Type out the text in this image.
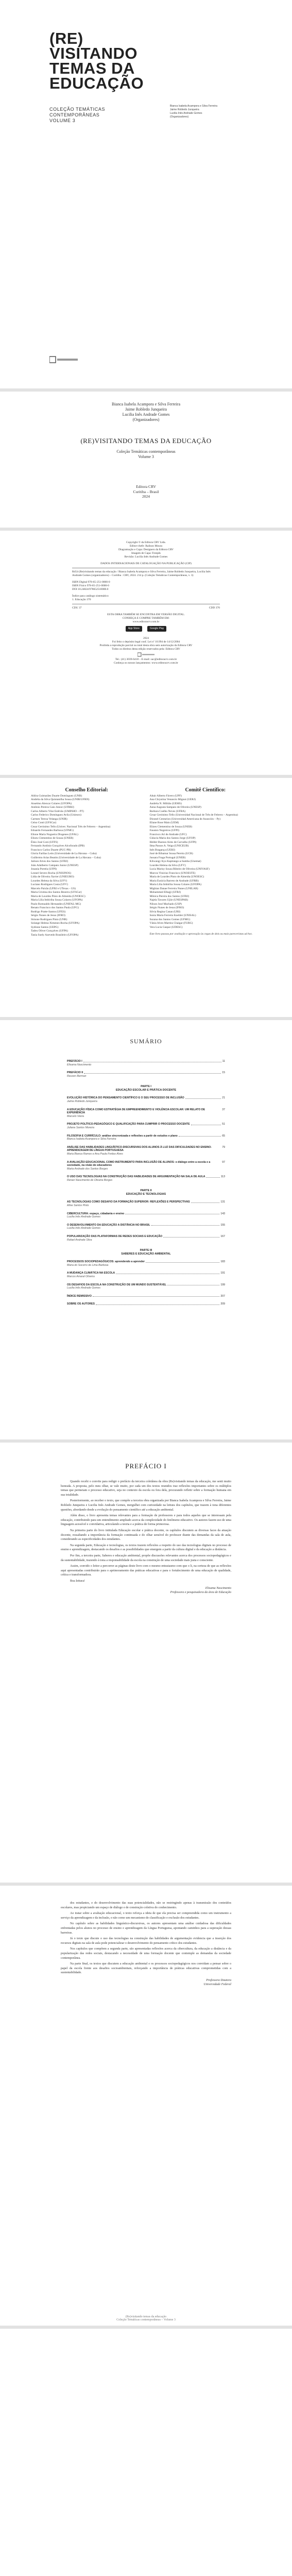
(RE)
VISITANDO
TEMAS DA
EDUCAÇÃO
COLEÇÃO TEMÁTICAS
CONTEMPORÂNEAS
VOLUME 3
Bianca Isabela Acampora e Silva Ferreira
Jaime Robledo Junqueira
Lucilia Inês Andrade Gomes
(Organizadores)
Bianca Isabela Acampora e Silva Ferreira
Jaime Robledo Junqueira
Lucilia Inês Andrade Gomes
(Organizadores)
(RE)VISITANDO TEMAS DA EDUCAÇÃO
Coleção Temáticas contemporâneas
Volume 3
Editora CRV
Curitiba – Brasil
2024
Copyright © da Editora CRV Ltda.
Editor-chefe: Railson Moura
Diagramação e Capa: Designers da Editora CRV
Imagem de Capa: Freepik
Revisão: Lucilia Inês Andrade Gomes
DADOS INTERNACIONAIS DE CATALOGAÇÃO NA PUBLICAÇÃO (CIP)
R454 (Re)visitando temas da educação / Bianca Isabela Acampora e Silva Ferreira, Jaime Robledo Junqueira, Lucilia Inês Andrade Gomes (organizadores) – Curitiba : CRV, 2024. 214 p. (Coleção Temáticas Contemporâneas, v. 3)
ISBN Digital 978-65-251-0000-0
ISBN Físico 978-65-251-0000-0
DOI 10.24824/978652510000.0
Índice para catálogo sistemático
1. Educação 370
CDU 37	CDD 370
ESTA OBRA TAMBÉM SE ENCONTRA EM VERSÃO DIGITAL.
CONHEÇA E COMPRE TAMBÉM EM:
www.editoracrv.com.br
App Store	Google Play
2024
Foi feito o depósito legal conf. Lei nº 10.994 de 14/12/2004
Proibida a reprodução parcial ou total desta obra sem autorização da Editora CRV
Todos os direitos desta edição reservados pela: Editora CRV
Tel.: (41) 3039-6418 – E-mail: sac@editoracrv.com.br
Conheça os nossos lançamentos: www.editoracrv.com.br
Conselho Editorial:
Aldira Guimarães Duarte Domínguez (UNB)
Andréia da Silva Quintanilha Sousa (UNIR/UFRN)
Anselmo Alencar Colares (UFOPA)
Antônio Pereira Gaio Júnior (UFRRJ)
Carlos Alberto Vilar Estêvão (UMINHO – PT)
Carlos Federico Dominguez Avila (Unieuro)
Carmen Tereza Velanga (UNIR)
Celso Conti (UFSCar)
Cesar Gerónimo Tello (Univer. Nacional Três de Febrero – Argentina)
Eduardo Fernandes Barbosa (UFMG)
Elione Maria Nogueira Diogenes (UFAL)
Elizeu Clementino de Souza (UNEB)
Élsio José Corá (UFFS)
Fernando Antônio Gonçalves Alcoforado (IPB)
Francisco Carlos Duarte (PUC-PR)
Gloria Fariñas León (Universidade de La Havana – Cuba)
Guillermo Arias Beatón (Universidade de La Havana – Cuba)
Jailson Alves dos Santos (UFRJ)
João Adalberto Campato Junior (UNESP)
Josania Portela (UFPI)
Leonel Severo Rocha (UNISINOS)
Lídia de Oliveira Xavier (UNIEURO)
Lourdes Helena da Silva (UFV)
Luciano Rodrigues Costa (UFV)
Marcelo Paixão (UFRJ e UTexas – US)
Maria Cristina dos Santos Bezerra (UFSCar)
Maria de Lourdes Pinto de Almeida (UNOESC)
Maria Lília Imbiriba Sousa Colares (UFOPA)
Paulo Romualdo Hernandes (UNIFAL-MG)
Renato Francisco dos Santos Paula (UFG)
Rodrigo Pratte-Santos (UFES)
Sérgio Nunes de Jesus (IFRO)
Simone Rodrigues Pinto (UNB)
Solange Helena Ximenes-Rocha (UFOPA)
Sydione Santos (UEPG)
Tadeu Oliver Gonçalves (UFPA)
Tania Suely Azevedo Brasileiro (UFOPA)
Comitê Científico:
Altair Alberto Fávero (UPF)
Ana Chrystina Venancio Mignot (UERJ)
Andréia N. Militão (UEMS)
Anna Augusta Sampaio de Oliveira (UNESP)
Barbara Coelho Neves (UFBA)
Cesar Gerónimo Tello (Universidad Nacional de Três de Febrero – Argentina)
Diosnel Centurion (Universidad Americana de Asunción – Py)
Eliane Rose Maio (UEM)
Elizeu Clementino de Souza (UNEB)
Fauston Negreiros (UFPI)
Francisco Ari de Andrade (UFC)
Gláucia Maria dos Santos Jorge (UFOP)
Helder Buenos Aires de Carvalho (UFPI)
Ilma Passos A. Veiga (UNICEUB)
Inês Bragança (UERJ)
José de Ribamar Sousa Pereira (UCB)
Jussara Fraga Portugal (UNEB)
Kilwangy Kya Kapitango-a-Samba (Unemat)
Lourdes Helena da Silva (UFV)
Lucia Marisy Souza Ribeiro de Oliveira (UNIVASF)
Marcos Vinicius Francisco (UNOESTE)
Maria de Lourdes Pinto de Almeida (UNOESC)
Maria Eurácia Barreto de Andrade (UFRB)
Maria Lília Imbiriba Sousa Colares (UFOPA)
Míghian Danae Ferreira Nunes (UNILAB)
Mohammed Elhajji (UFRJ)
Mônica Pereira dos Santos (UFRJ)
Najela Tavares Ujiie (UNESPAR)
Nilson José Machado (USP)
Sérgio Nunes de Jesus (IFRO)
Silvia Regina Canan (URI)
Sonia Maria Ferreira Koehler (UNISAL)
Suzana dos Santos Gomes (UFMG)
Vânia Alves Martins Chaigar (FURG)
Vera Lucia Gaspar (UDESC)
Este livro passou por avaliação e aprovação às cegas de dois ou mais pareceristas ad hoc.
SUMÁRIO
PREFÁCIO I	11
Elisama Nascimento
PREFÁCIO II	15
Reuven Berman
PARTE I
EDUCAÇÃO ESCOLAR E PRÁTICA DOCENTE
EVOLUÇÃO HISTÓRICA DO PENSAMENTO CIENTÍFICO E O SEU PROCESSO DE INCLUSÃO	21
Jaime Robledo Junqueira
A EDUCAÇÃO FÍSICA COMO ESTRATÉGIA DE EMPREENDIMENTO E VIOLÊNCIA ESCOLAR: UM RELATO DE EXPERIÊNCIA
37
Marcelo Vieira
PROJETO POLÍTICO-PEDAGÓGICO E QUALIFICAÇÃO PARA CUMPRIR O PROCESSO DOCENTE	51
Juliana Santos Moreira
FILOSOFIA E CURRÍCULO: análise sincronizada e reflexões a partir de estudos e plano	65
Bianca Isabela Acampora e Silva Ferreira
ANÁLISE DAS HABILIDADES LINGUÍSTICO-DISCURSIVAS DOS ALUNOS À LUZ DAS DIFICULDADES NO ENSINO-APRENDIZAGEM DE LÍNGUA PORTUGUESA
79
Maria Bianca Ramos e Ana Paula Freitas Alves
A AVALIAÇÃO EDUCACIONAL COMO INSTRUMENTO PARA INCLUSÃO DE ALUNOS: o diálogo entre a escola e a sociedade, na visão de educadores
97
Marta Andrade dos Santos Borges
O USO DAS TECNOLOGIAS NA CONSTRUÇÃO DAS HABILIDADES DE ARGUMENTAÇÃO NA SALA DE AULA	113
Renan Nascimento de Oliveira Borges
PARTE II
EDUCAÇÃO E TECNOLOGIAS
AS TECNOLOGIAS COMO DESAFIO DA FORMAÇÃO SUPERIOR: REFLEXÕES E PERSPECTIVAS	131
Aline Santos Pinto
CIBERCULTURA: espaço, cidadania e ensino	143
Lucilia Inês Andrade Gomes
O DESENVOLVIMENTO DA EDUCAÇÃO A DISTÂNCIA NO BRASIL	155
Lucilia Inês Andrade Gomes
POPULARIZAÇÃO DAS PLATAFORMAS DE REDES SOCIAIS E EDUCAÇÃO	167
Rafael Andrade Silva
PARTE III
SABERES E EDUCAÇÃO AMBIENTAL
PROCESSOS SOCIOPEDAGÓGICOS: aprendendo a aprender	183
Maria do Socorro de Lima Barbosa
A MUDANÇA CLIMÁTICA NA ESCOLA	191
Marcos Amaral Oliveira
OS DESAFIOS DA ESCOLA NA CONSTRUÇÃO DE UM MUNDO SUSTENTÁVEL	199
Lucilia Inês Andrade Gomes
ÍNDICE REMISSIVO	207
SOBRE OS AUTORES	209
PREFÁCIO I

Quando recebi o convite para redigir o prefácio da terceira coletânea da obra (Re)visitando temas da educação, me senti muito honrada. A proposta, pelo meu olhar, se vale muito, por cada um dos textos reunidos traz reflexões importantes sobre os múltiplos temas que permeiam o processo educativo, seja no contexto da escola ou fora dela, procurando refletir sobre a formação humana em sua totalidade.

Posteriormente, ao receber o texto, que compõe a terceira obra organizada por Bianca Isabela Acampora e Silva Ferreira, Jaime Robledo Junqueira e Lucilia Inês Andrade Gomes, mergulhei com curiosidade na leitura dos capítulos, que trazem à tona diferentes questões, abordando desde a evolução do pensamento científico até a educação ambiental.

Além disso, o livro apresenta temas relevantes para a formação de professores e para todos aqueles que se interessam pela educação, contribuindo para um entendimento ampliado acerca da complexidade do fenômeno educativo. Os autores fazem uso de uma linguagem acessível e convidativa, articulando a teoria e a prática de forma primorosa.

Na primeira parte do livro intitulada Educação escolar e prática docente, os capítulos discutem as diversas faces da atuação docente, ressaltando a importância da formação continuada e do olhar sensível do professor diante das demandas da sala de aula, considerando as especificidades dos estudantes.

Na segunda parte, Educação e tecnologias, os textos trazem reflexões a respeito do uso das tecnologias digitais no processo de ensino e aprendizagem, destacando os desafios e as possibilidades que emergem a partir da cultura digital e da educação a distância.

Por fim, a terceira parte, Saberes e educação ambiental, propõe discussões relevantes acerca dos processos sociopedagógicos e da sustentabilidade, trazendo à tona a responsabilidade da escola na construção de uma sociedade mais justa e consciente.

Assim, convido o leitor a percorrer as páginas deste livro com o mesmo entusiasmo com que o li, na certeza de que as reflexões aqui apresentadas contribuirão para o aprimoramento das práticas educativas e para o fortalecimento de uma educação de qualidade, crítica e transformadora.

Boa leitura!

Elisama Nascimento
Professora e pesquisadora da área de Educação

dos estudantes, e do desenvolvimento das suas potencialidades, não se restringindo apenas à transmissão dos conteúdos escolares, mas propiciando um espaço de diálogo e de construção coletiva do conhecimento.

Ao tratar sobre a avaliação educacional, o texto reforça a ideia de que ela precisa ser compreendida como um instrumento a serviço da aprendizagem e da inclusão, e não como um mecanismo de classificação e exclusão dos estudantes.

No capítulo sobre as habilidades linguístico-discursivas, os autores apresentam uma análise cuidadosa das dificuldades enfrentadas pelos alunos no processo de ensino e aprendizagem da Língua Portuguesa, apontando caminhos para a superação dessas barreiras.

Já o texto que discute o uso das tecnologias na construção das habilidades de argumentação evidencia que a inserção dos recursos digitais na sala de aula pode potencializar o desenvolvimento do pensamento crítico dos estudantes.

Nos capítulos que compõem a segunda parte, são apresentadas reflexões acerca da cibercultura, da educação a distância e da popularização das redes sociais, destacando a necessidade de uma formação docente que contemple as demandas da sociedade contemporânea.

Na parte final, os textos que discutem a educação ambiental e os processos sociopedagógicos nos convidam a pensar sobre o papel da escola frente aos desafios socioambientais, reforçando a importância de práticas educativas comprometidas com a sustentabilidade.

Professora Doutora
Universidade Federal
(Re)visitando temas da educação
Coleção Temáticas contemporâneas – Volume 3
